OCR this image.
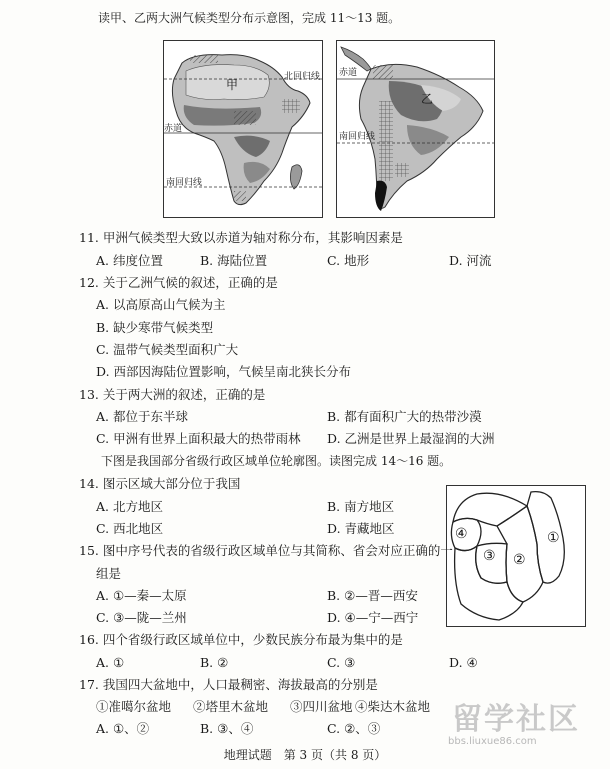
读甲、乙两大洲气候类型分布示意图，完成 11～13 题。
甲
北回归线
赤道
南回归线
乙
赤道
南回归线
11. 甲洲气候类型大致以赤道为轴对称分布，其影响因素是
A. 纬度位置	B. 海陆位置	C. 地形	D. 河流
12. 关于乙洲气候的叙述，正确的是
A. 以高原高山气候为主
B. 缺少寒带气候类型
C. 温带气候类型面积广大
D. 西部因海陆位置影响，气候呈南北狭长分布
13. 关于两大洲的叙述，正确的是
A. 都位于东半球	B. 都有面积广大的热带沙漠
C. 甲洲有世界上面积最大的热带雨林 D. 乙洲是世界上最湿润的大洲
下图是我国部分省级行政区域单位轮廓图。读图完成 14～16 题。
①
②
③
④
14. 图示区域大部分位于我国
A. 北方地区	B. 南方地区
C. 西北地区	D. 青藏地区
15. 图中序号代表的省级行政区域单位与其简称、省会对应正确的一
组是
A. ①—秦—太原	B. ②—晋—西安
C. ③—陇—兰州	D. ④—宁—西宁
16. 四个省级行政区域单位中，少数民族分布最为集中的是
A. ①	B. ②	C. ③	D. ④
17. 我国四大盆地中，人口最稠密、海拔最高的分别是
①准噶尔盆地 ②塔里木盆地 ③四川盆地 ④柴达木盆地
A. ①、②	B. ③、④	C. ②、③ 留学社区
bbs.liuxue86.com
地理试题　第 3 页（共 8 页）
